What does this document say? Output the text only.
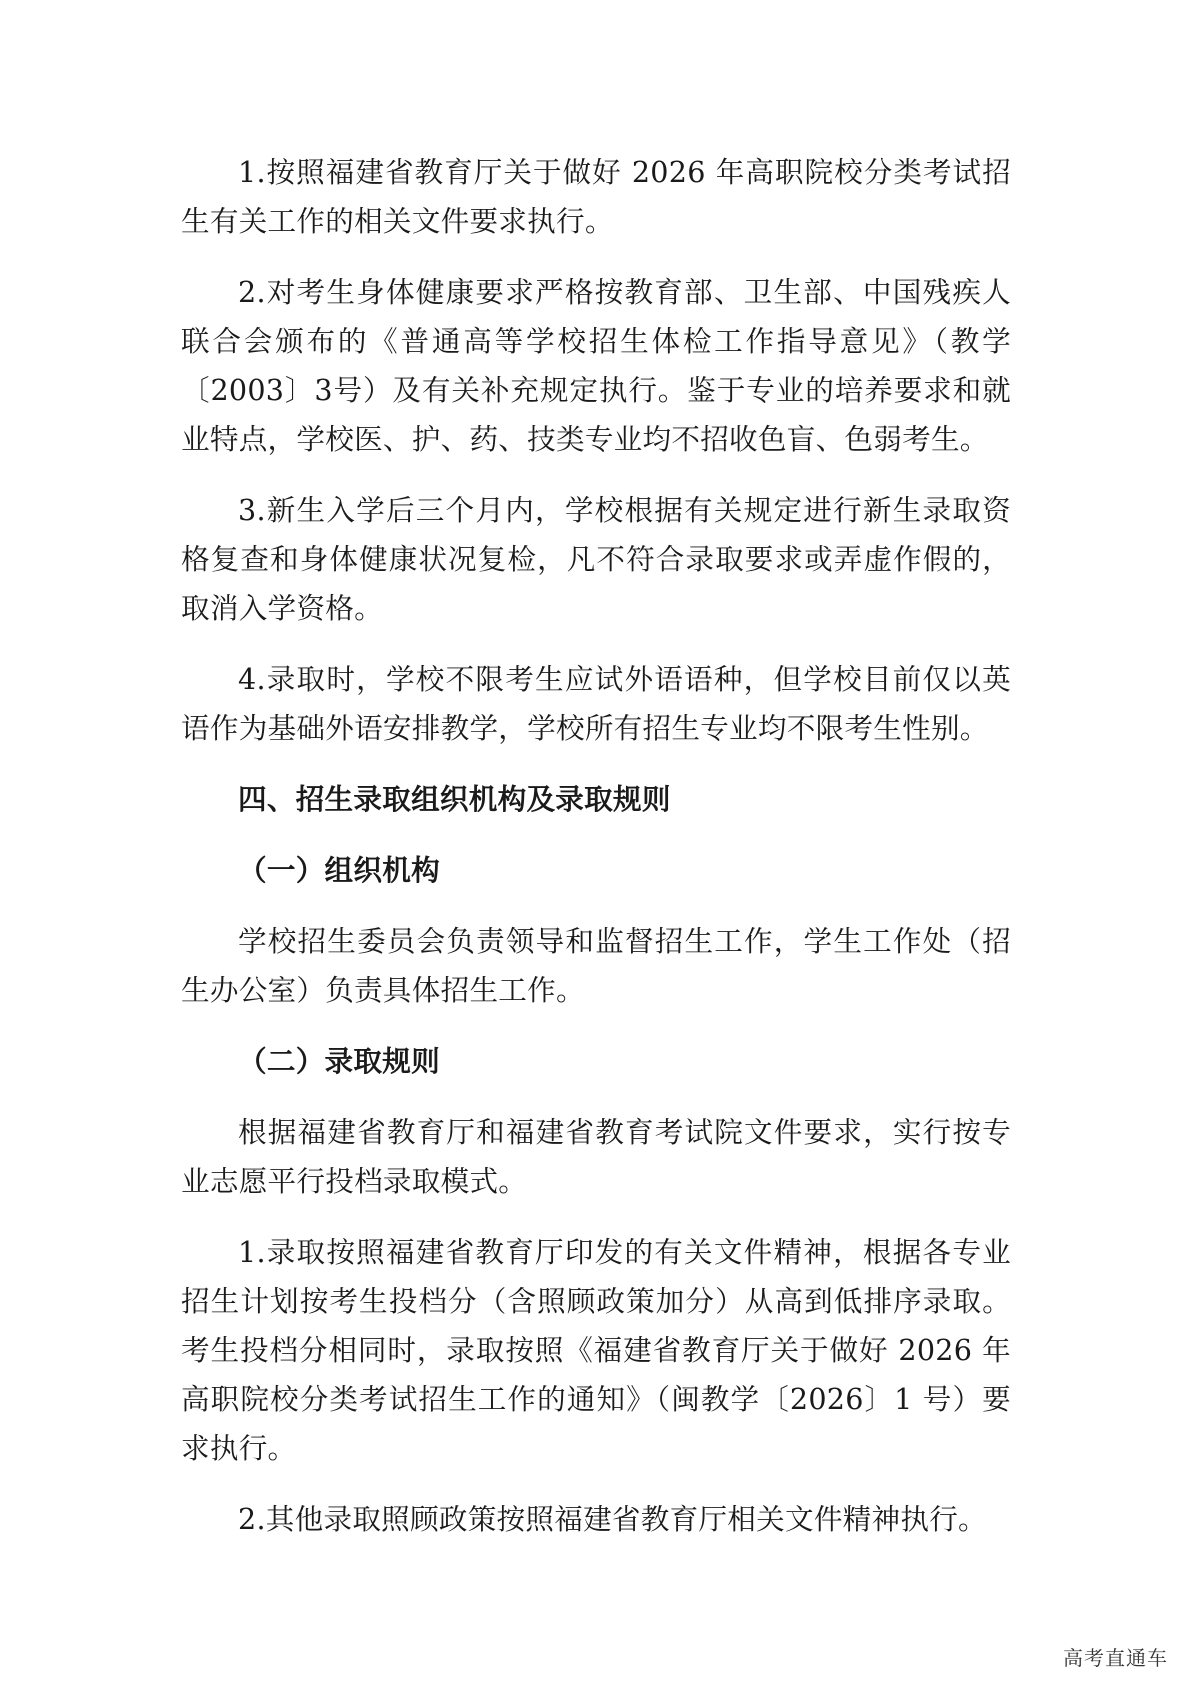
1.按照福建省教育厅关于做好 2026 年高职院校分类考试招生有关工作的相关文件要求执行。

2.对考生身体健康要求严格按教育部、卫生部、中国残疾人联合会颁布的《普通高等学校招生体检工作指导意见》（教学〔2003〕3号）及有关补充规定执行。鉴于专业的培养要求和就业特点，学校医、护、药、技类专业均不招收色盲、色弱考生。

3.新生入学后三个月内，学校根据有关规定进行新生录取资格复查和身体健康状况复检，凡不符合录取要求或弄虚作假的，取消入学资格。

4.录取时，学校不限考生应试外语语种，但学校目前仅以英语作为基础外语安排教学，学校所有招生专业均不限考生性别。

四、招生录取组织机构及录取规则

（一）组织机构

学校招生委员会负责领导和监督招生工作，学生工作处（招生办公室）负责具体招生工作。

（二）录取规则

根据福建省教育厅和福建省教育考试院文件要求，实行按专业志愿平行投档录取模式。

1.录取按照福建省教育厅印发的有关文件精神，根据各专业招生计划按考生投档分（含照顾政策加分）从高到低排序录取。考生投档分相同时，录取按照《福建省教育厅关于做好 2026 年高职院校分类考试招生工作的通知》（闽教学〔2026〕1 号）要求执行。

2.其他录取照顾政策按照福建省教育厅相关文件精神执行。

高考直通车
